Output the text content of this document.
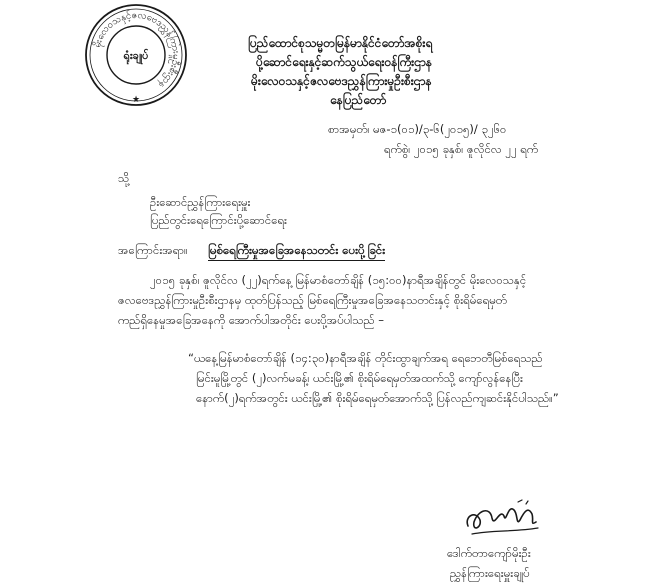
မိုးလေဝသနှင့်ဇလဗေဒညွှန်ကြားမှုဦးစီးဌာန
ရုံးချုပ်
★
ပြည်ထောင်စုသမ္မတမြန်မာနိုင်ငံတော်အစိုးရ
ပို့ဆောင်ရေးနှင့်ဆက်သွယ်ရေးဝန်ကြီးဌာန
မိုးလေဝသနှင့်ဇလဗေဒညွှန်ကြားမှုဦးစီးဌာန
နေပြည်တော်
စာအမှတ်၊ မဇ-၁(၀၁)/၃-၆(၂၀၁၅)/ ၃၂၆၀
ရက်စွဲ၊ ၂၀၁၅ ခုနှစ်၊ ဇူလိုင်လ ၂၂ ရက်
သို့
ဦးဆောင်ညွှန်ကြားရေးမှူး
ပြည်တွင်းရေကြောင်းပို့ဆောင်ရေး
အကြောင်းအရာ။ မြစ်ရေကြီးမှုအခြေအနေသတင်း ပေးပို့ခြင်း
၂၀၁၅ ခုနှစ်၊ ဇူလိုင်လ (၂၂)ရက်နေ့ မြန်မာစံတော်ချိန် (၁၅:၀၀)နာရီအချိန်တွင် မိုးလေဝသနှင့်
ဇလဗေဒညွှန်ကြားမှုဦးစီးဌာနမှ ထုတ်ပြန်သည့် မြစ်ရေကြီးမှုအခြေအနေသတင်းနှင့် စိုးရိမ်ရေမှတ်
ကည်ရှိနေမှုအခြေအနေကို အောက်ပါအတိုင်း ပေးပို့အပ်ပါသည် –
“ယနေ့မြန်မာစံတော်ချိန် (၁၄:၃၀)နာရီအချိန် တိုင်းထွာချက်အရ ရေဘေတီမြစ်ရေသည်
မြင်းမူမြို့တွင် (၂)လက်မခန့်၊ ယင်းမြို့၏ စိုးရိမ်ရေမှတ်အထက်သို့ ကျော်လွန်နေပြီး
နောက်(၂)ရက်အတွင်း ယင်းမြို့၏ စိုးရိမ်ရေမှတ်အောက်သို့ ပြန်လည်ကျဆင်းနိုင်ပါသည်။”
ဒေါက်တာကျော်မိုးဦး
ညွှန်ကြားရေးမှူးချုပ်
